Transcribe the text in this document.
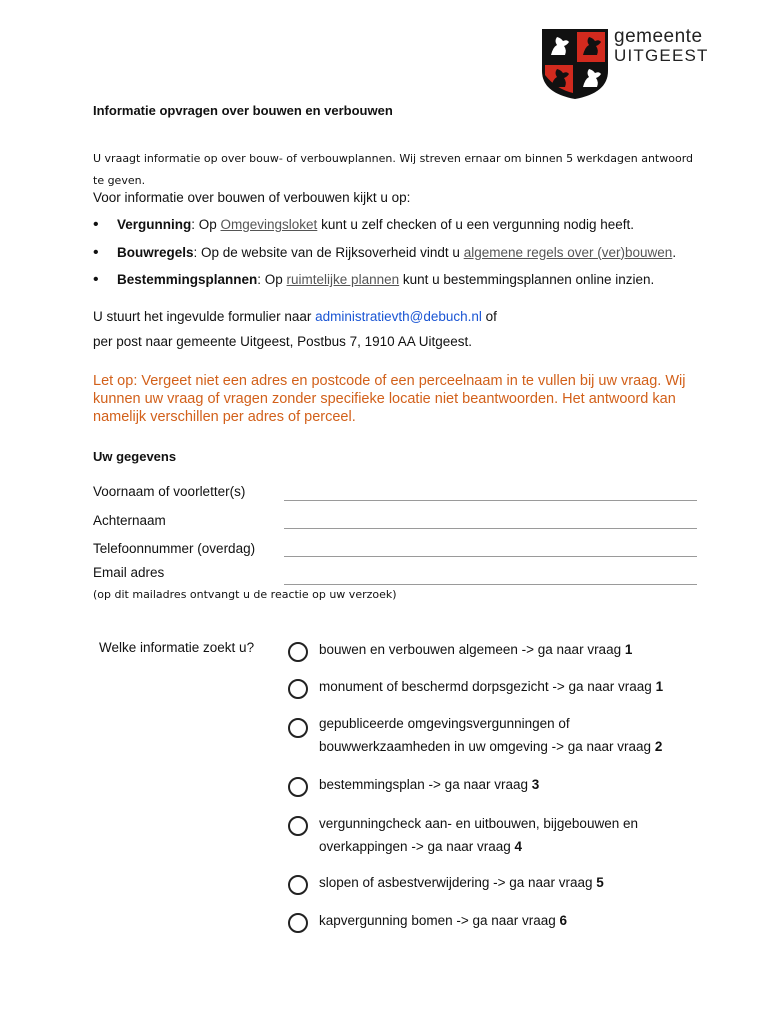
gemeente
UITGEEST
Informatie opvragen over bouwen en verbouwen
U vraagt informatie op over bouw- of verbouwplannen. Wij streven ernaar om binnen 5 werkdagen antwoord te geven.
Voor informatie over bouwen of verbouwen kijkt u op:
• Vergunning: Op Omgevingsloket kunt u zelf checken of u een vergunning nodig heeft.
• Bouwregels: Op de website van de Rijksoverheid vindt u algemene regels over (ver)bouwen.
• Bestemmingsplannen: Op ruimtelijke plannen kunt u bestemmingsplannen online inzien.
U stuurt het ingevulde formulier naar administratievth@debuch.nl of
per post naar gemeente Uitgeest, Postbus 7, 1910 AA Uitgeest.
Let op: Vergeet niet een adres en postcode of een perceelnaam in te vullen bij uw vraag. Wij kunnen uw vraag of vragen zonder specifieke locatie niet beantwoorden. Het antwoord kan namelijk verschillen per adres of perceel.
Uw gegevens
Voornaam of voorletter(s)
Achternaam
Telefoonnummer (overdag)
Email adres
(op dit mailadres ontvangt u de reactie op uw verzoek)
Welke informatie zoekt u?	bouwen en verbouwen algemeen -> ga naar vraag 1
monument of beschermd dorpsgezicht -> ga naar vraag 1
gepubliceerde omgevingsvergunningen of
bouwwerkzaamheden in uw omgeving -> ga naar vraag 2
bestemmingsplan -> ga naar vraag 3
vergunningcheck aan- en uitbouwen, bijgebouwen en
overkappingen -> ga naar vraag 4
slopen of asbestverwijdering -> ga naar vraag 5
kapvergunning bomen -> ga naar vraag 6
